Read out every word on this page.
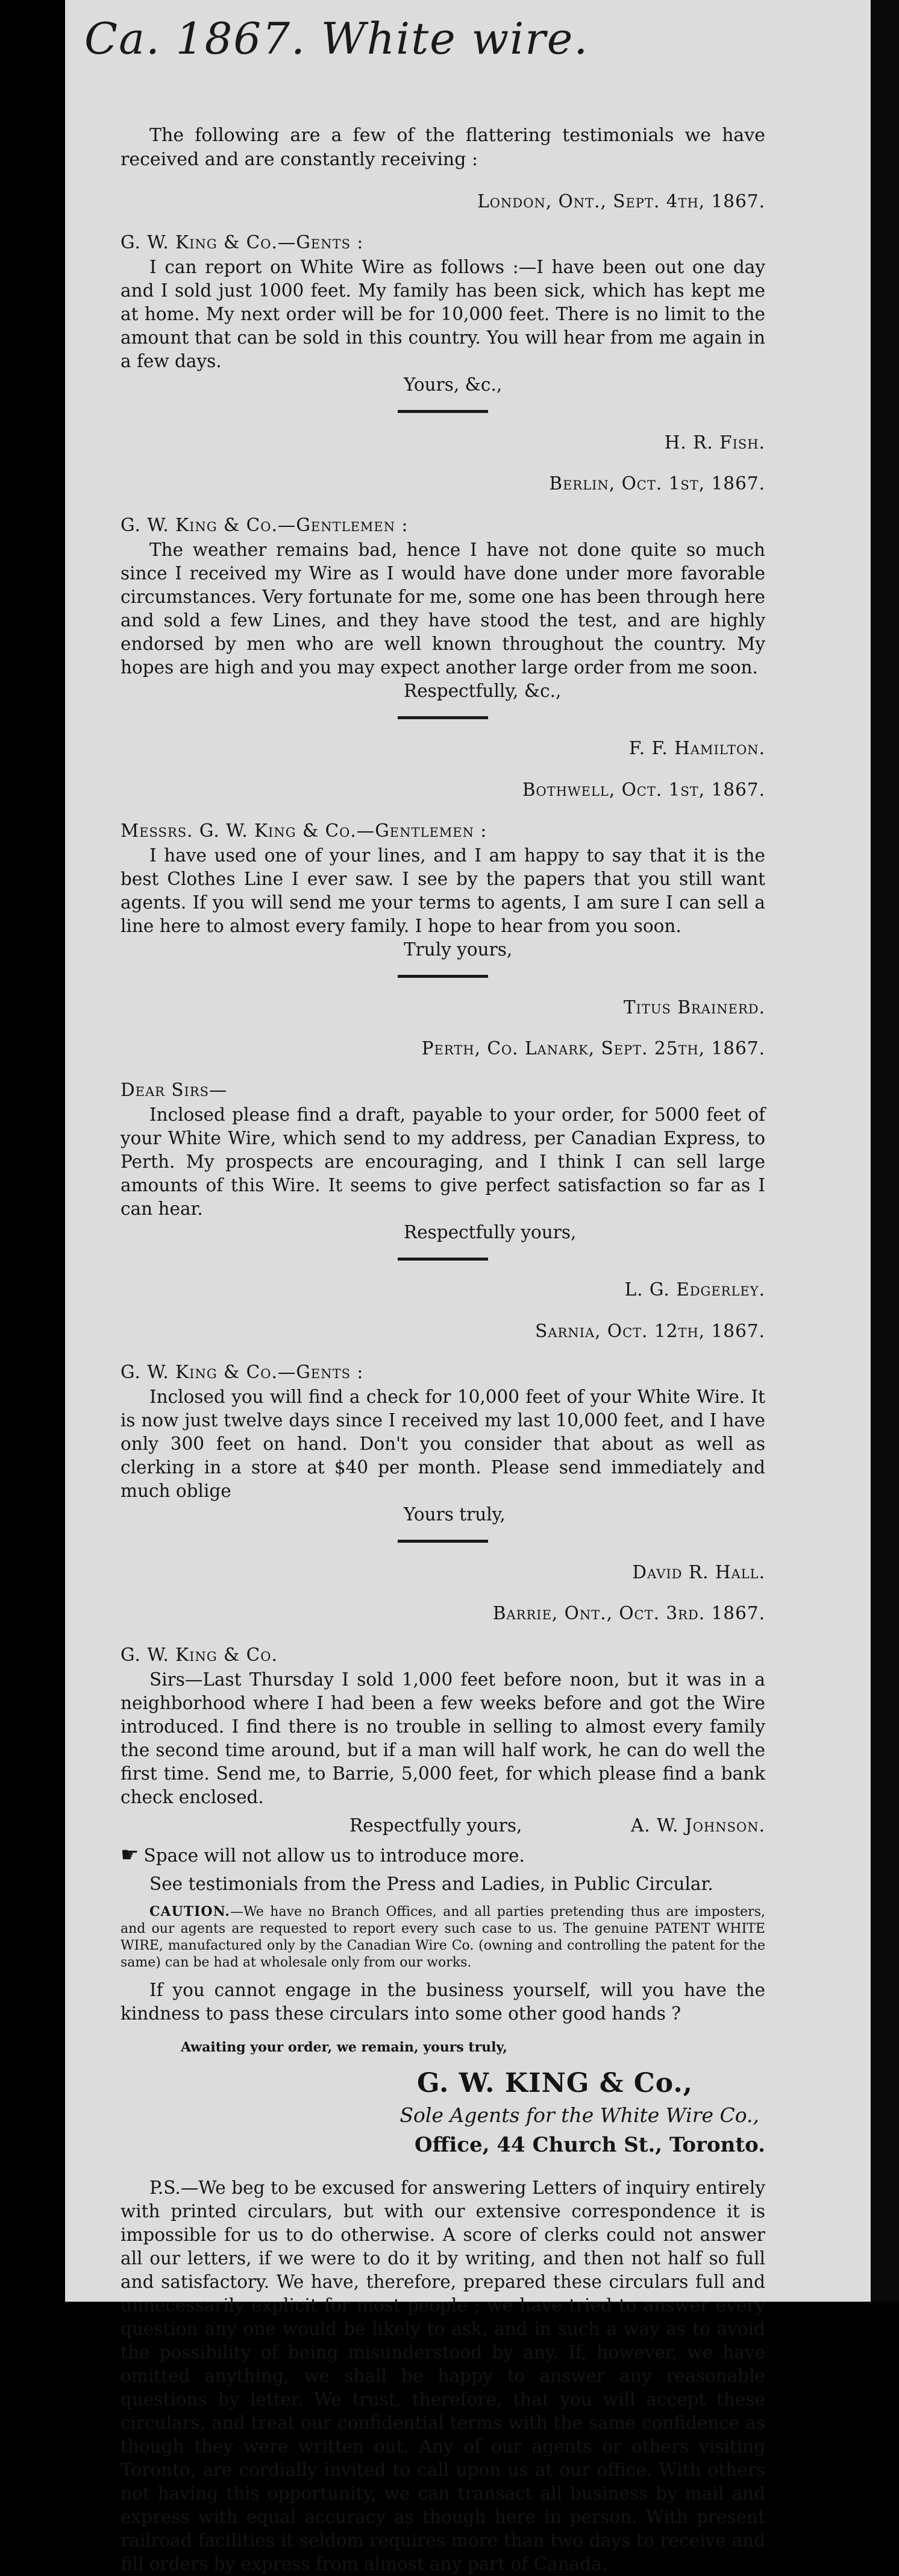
Ca. 1867. White wire.

The following are a few of the flattering testimonials we have received and are constantly receiving :

London, Ont., Sept. 4th, 1867.

G. W. King & Co.—Gents :

I can report on White Wire as follows :—I have been out one day and I sold just 1000 feet. My family has been sick, which has kept me at home. My next order will be for 10,000 feet. There is no limit to the amount that can be sold in this country. You will hear from me again in a few days.

Yours, &c.,

H. R. Fish.

Berlin, Oct. 1st, 1867.

G. W. King & Co.—Gentlemen :

The weather remains bad, hence I have not done quite so much since I received my Wire as I would have done under more favorable circumstances. Very fortunate for me, some one has been through here and sold a few Lines, and they have stood the test, and are highly endorsed by men who are well known throughout the country. My hopes are high and you may expect another large order from me soon.

Respectfully, &c.,

F. F. Hamilton.

Bothwell, Oct. 1st, 1867.

Messrs. G. W. King & Co.—Gentlemen :

I have used one of your lines, and I am happy to say that it is the best Clothes Line I ever saw. I see by the papers that you still want agents. If you will send me your terms to agents, I am sure I can sell a line here to almost every family. I hope to hear from you soon.

Truly yours,

Titus Brainerd.

Perth, Co. Lanark, Sept. 25th, 1867.

Dear Sirs—

Inclosed please find a draft, payable to your order, for 5000 feet of your White Wire, which send to my address, per Canadian Express, to Perth. My prospects are encouraging, and I think I can sell large amounts of this Wire. It seems to give perfect satisfaction so far as I can hear.

Respectfully yours,

L. G. Edgerley.

Sarnia, Oct. 12th, 1867.

G. W. King & Co.—Gents :

Inclosed you will find a check for 10,000 feet of your White Wire. It is now just twelve days since I received my last 10,000 feet, and I have only 300 feet on hand. Don't you consider that about as well as clerking in a store at $40 per month. Please send immediately and much oblige

Yours truly,

David R. Hall.

Barrie, Ont., Oct. 3rd. 1867.

G. W. King & Co.

Sirs—Last Thursday I sold 1,000 feet before noon, but it was in a neighborhood where I had been a few weeks before and got the Wire introduced. I find there is no trouble in selling to almost every family the second time around, but if a man will half work, he can do well the first time. Send me, to Barrie, 5,000 feet, for which please find a bank check enclosed.

Respectfully yours,	A. W. Johnson.

☛ Space will not allow us to introduce more.

See testimonials from the Press and Ladies, in Public Circular.

CAUTION.—We have no Branch Offices, and all parties pretending thus are imposters, and our agents are requested to report every such case to us. The genuine PATENT WHITE WIRE, manufactured only by the Canadian Wire Co. (owning and controlling the patent for the same) can be had at wholesale only from our works.

If you cannot engage in the business yourself, will you have the kindness to pass these circulars into some other good hands ?

Awaiting your order, we remain, yours truly,

G. W. KING & Co.,

Sole Agents for the White Wire Co.,

Office, 44 Church St., Toronto.

P.S.—We beg to be excused for answering Letters of inquiry entirely with printed circulars, but with our extensive correspondence it is impossible for us to do otherwise. A score of clerks could not answer all our letters, if we were to do it by writing, and then not half so full and satisfactory. We have, therefore, prepared these circulars full and unnecessarily explicit for most people ; we have tried to answer every question any one would be likely to ask, and in such a way as to avoid the possibility of being misunderstood by any. If, however, we have omitted anything, we shall be happy to answer any reasonable questions by letter. We trust, therefore, that you will accept these circulars, and treat our confidential terms with the same confidence as though they were written out. Any of our agents or others visiting Toronto, are cordially invited to call upon us at our office. With others not having this opportunity, we can transact all business by mail and express with equal accuracy as though here in person. With present railroad facilities it seldom requires more than two days to receive and fill orders by express from almost any part of Canada.
